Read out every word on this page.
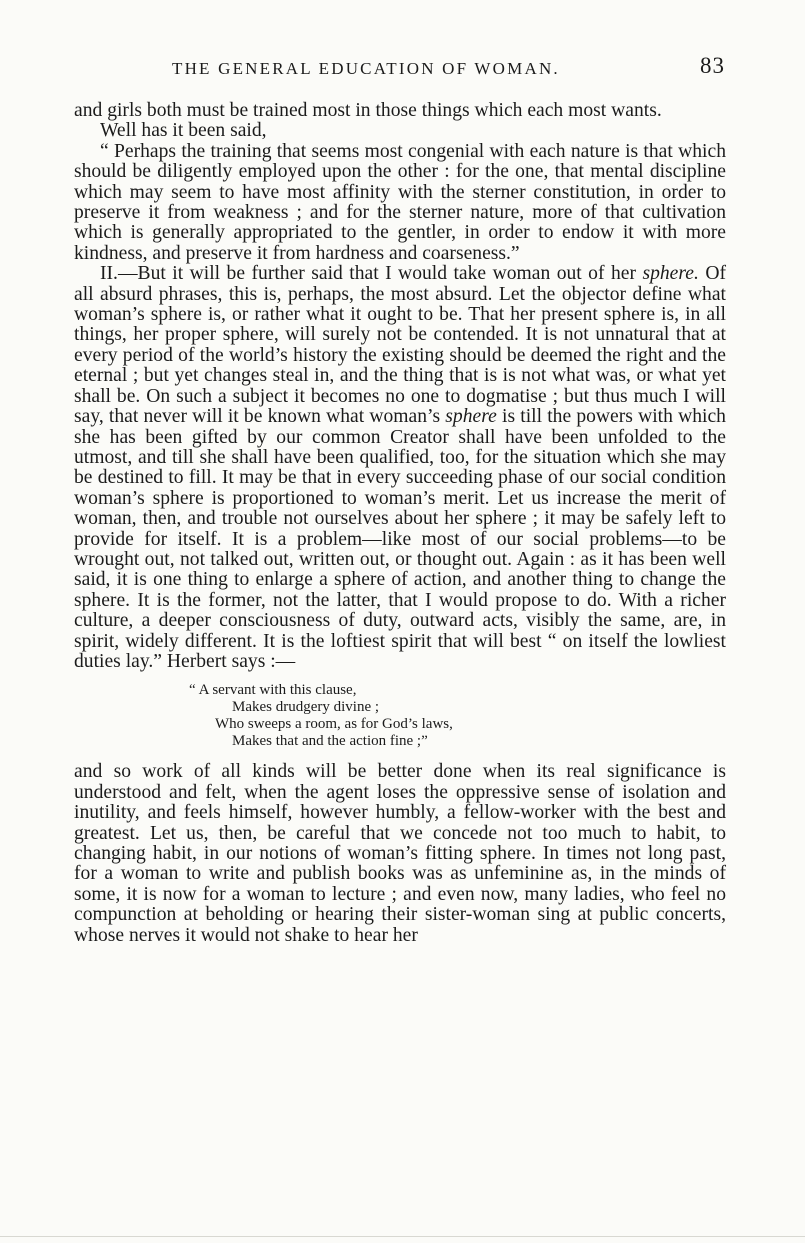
THE GENERAL EDUCATION OF WOMAN.	83

and girls both must be trained most in those things which each most wants.

Well has it been said,

“ Perhaps the training that seems most congenial with each nature is that which should be diligently employed upon the other : for the one, that mental discipline which may seem to have most affinity with the sterner constitution, in order to preserve it from weakness ; and for the sterner nature, more of that cultivation which is generally appropriated to the gentler, in order to endow it with more kindness, and preserve it from hardness and coarseness.”

II.—But it will be further said that I would take woman out of her sphere. Of all absurd phrases, this is, perhaps, the most absurd. Let the objector define what woman’s sphere is, or rather what it ought to be. That her present sphere is, in all things, her proper sphere, will surely not be contended. It is not unnatural that at every period of the world’s history the existing should be deemed the right and the eternal ; but yet changes steal in, and the thing that is is not what was, or what yet shall be. On such a subject it becomes no one to dogmatise ; but thus much I will say, that never will it be known what woman’s sphere is till the powers with which she has been gifted by our common Creator shall have been unfolded to the utmost, and till she shall have been qualified, too, for the situation which she may be destined to fill. It may be that in every succeeding phase of our social condition woman’s sphere is proportioned to woman’s merit. Let us increase the merit of woman, then, and trouble not ourselves about her sphere ; it may be safely left to provide for itself. It is a problem—like most of our social problems—to be wrought out, not talked out, written out, or thought out. Again : as it has been well said, it is one thing to enlarge a sphere of action, and another thing to change the sphere. It is the former, not the latter, that I would propose to do. With a richer culture, a deeper consciousness of duty, outward acts, visibly the same, are, in spirit, widely different. It is the loftiest spirit that will best “ on itself the lowliest duties lay.” Herbert says :—

“ A servant with this clause,
Makes drudgery divine ;
Who sweeps a room, as for God’s laws,
Makes that and the action fine ;”

and so work of all kinds will be better done when its real significance is understood and felt, when the agent loses the oppressive sense of isolation and inutility, and feels himself, however humbly, a fellow-worker with the best and greatest. Let us, then, be careful that we concede not too much to habit, to changing habit, in our notions of woman’s fitting sphere. In times not long past, for a woman to write and publish books was as unfeminine as, in the minds of some, it is now for a woman to lecture ; and even now, many ladies, who feel no compunction at beholding or hearing their sister-woman sing at public concerts, whose nerves it would not shake to hear her
